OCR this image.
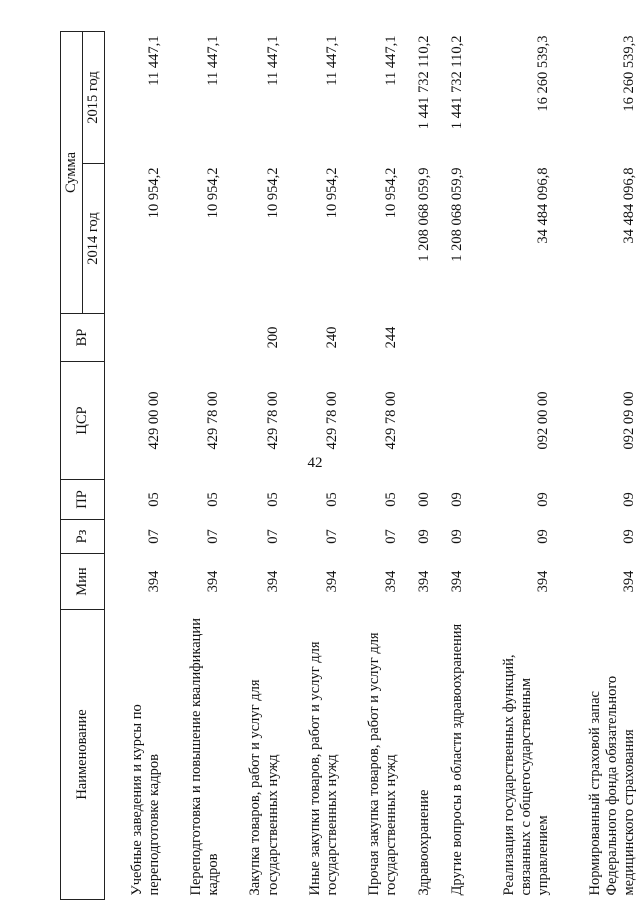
42
Наименование	Мин	Рз	ПР	ЦСР	ВР	Сумма	
						2014 год	2015 год
Учебные заведения и курсы по переподготовке кадров	394	07	05	429 00 00		10 954,2	11 447,1
Переподготовка и повышение квалификации кадров	394	07	05	429 78 00		10 954,2	11 447,1
Закупка товаров, работ и услуг для государственных нужд	394	07	05	429 78 00	200	10 954,2	11 447,1
Иные закупки товаров, работ и услуг для государственных нужд	394	07	05	429 78 00	240	10 954,2	11 447,1
Прочая закупка товаров, работ и услуг для государственных нужд	394	07	05	429 78 00	244	10 954,2	11 447,1
Здравоохранение	394	09	00			1 208 068 059,9	1 441 732 110,2
Другие вопросы в области здравоохранения	394	09	09			1 208 068 059,9	1 441 732 110,2
Реализация государственных функций, связанных с общегосударственным управлением	394	09	09	092 00 00		34 484 096,8	16 260 539,3
Нормированный страховой запас Федерального фонда обязательного медицинского страхования	394	09	09	092 09 00		34 484 096,8	16 260 539,3
